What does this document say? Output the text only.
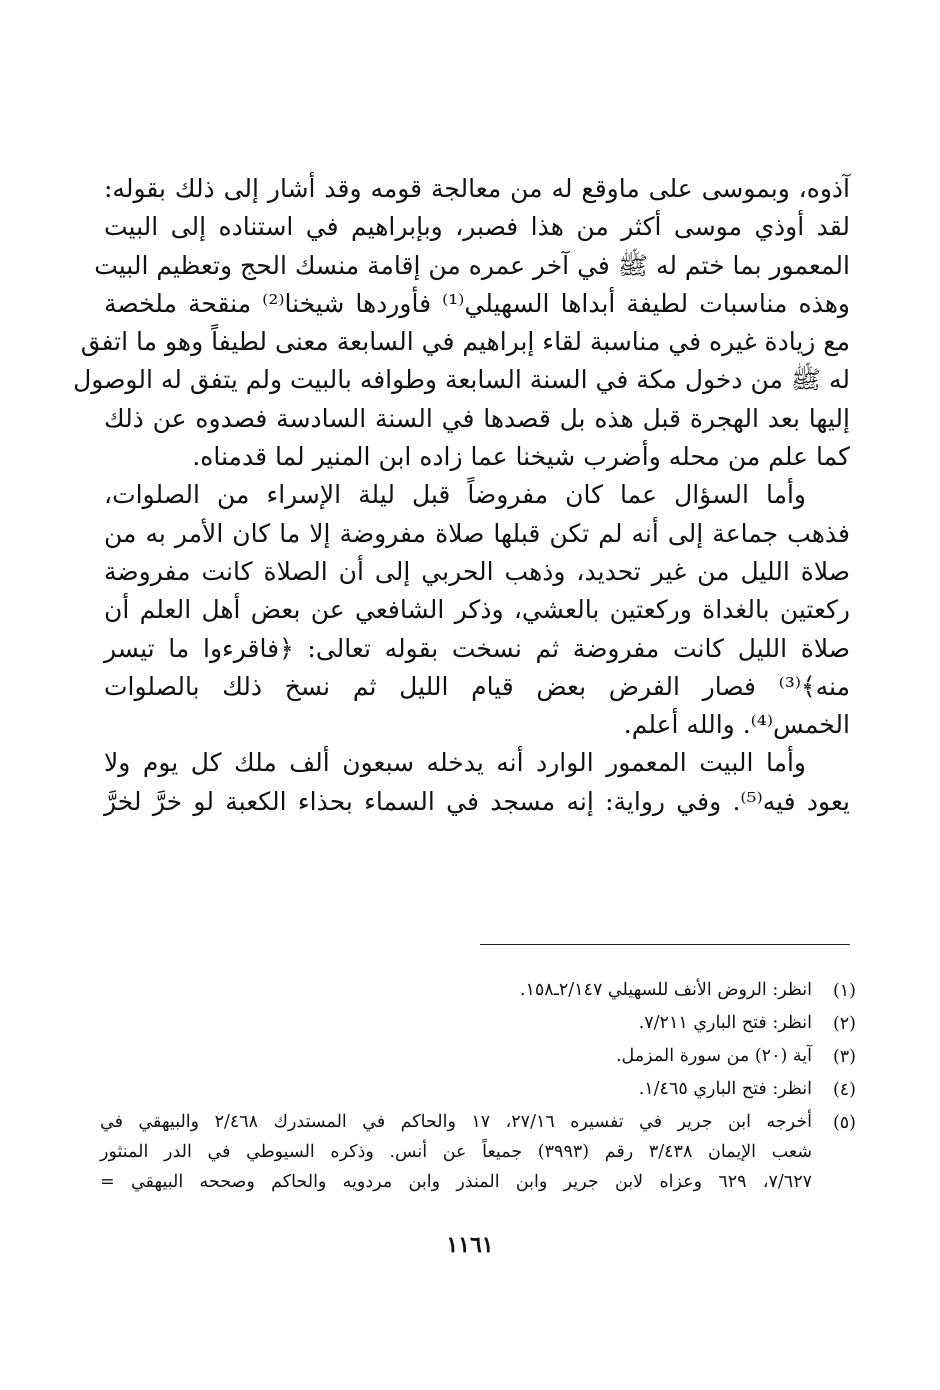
آذوه، وبموسى على ماوقع له من معالجة قومه وقد أشار إلى ذلك بقوله:
لقد أوذي موسى أكثر من هذا فصبر، وبإبراهيم في استناده إلى البيت
المعمور بما ختم له ﷺ في آخر عمره من إقامة منسك الحج وتعظيم البيت
وهذه مناسبات لطيفة أبداها السهيلي⁽¹⁾ فأوردها شيخنا⁽²⁾ منقحة ملخصة
مع زيادة غيره في مناسبة لقاء إبراهيم في السابعة معنى لطيفاً وهو ما اتفق
له ﷺ من دخول مكة في السنة السابعة وطوافه بالبيت ولم يتفق له الوصول
إليها بعد الهجرة قبل هذه بل قصدها في السنة السادسة فصدوه عن ذلك
كما علم من محله وأضرب شيخنا عما زاده ابن المنير لما قدمناه.
وأما السؤال عما كان مفروضاً قبل ليلة الإسراء من الصلوات،
فذهب جماعة إلى أنه لم تكن قبلها صلاة مفروضة إلا ما كان الأمر به من
صلاة الليل من غير تحديد، وذهب الحربي إلى أن الصلاة كانت مفروضة
ركعتين بالغداة وركعتين بالعشي، وذكر الشافعي عن بعض أهل العلم أن
صلاة الليل كانت مفروضة ثم نسخت بقوله تعالى: ﴿فاقرءوا ما تيسر
منه﴾⁽³⁾ فصار الفرض بعض قيام الليل ثم نسخ ذلك بالصلوات
الخمس⁽⁴⁾. والله أعلم.
وأما البيت المعمور الوارد أنه يدخله سبعون ألف ملك كل يوم ولا
يعود فيه⁽⁵⁾. وفي رواية: إنه مسجد في السماء بحذاء الكعبة لو خرَّ لخرَّ
(١)
انظر: الروض الأنف للسهيلي ٢/١٤٧ـ١٥٨.
(٢)
انظر: فتح الباري ٧/٢١١.
(٣)
آية (٢٠) من سورة المزمل.
(٤)
انظر: فتح الباري ١/٤٦٥.
(٥)
أخرجه ابن جرير في تفسيره ٢٧/١٦، ١٧ والحاكم في المستدرك ٢/٤٦٨ والبيهقي في
شعب الإيمان ٣/٤٣٨ رقم (٣٩٩٣) جميعاً عن أنس. وذكره السيوطي في الدر المنثور
٧/٦٢٧، ٦٢٩ وعزاه لابن جرير وابن المنذر وابن مردويه والحاكم وصححه البيهقي =
١١٦١
